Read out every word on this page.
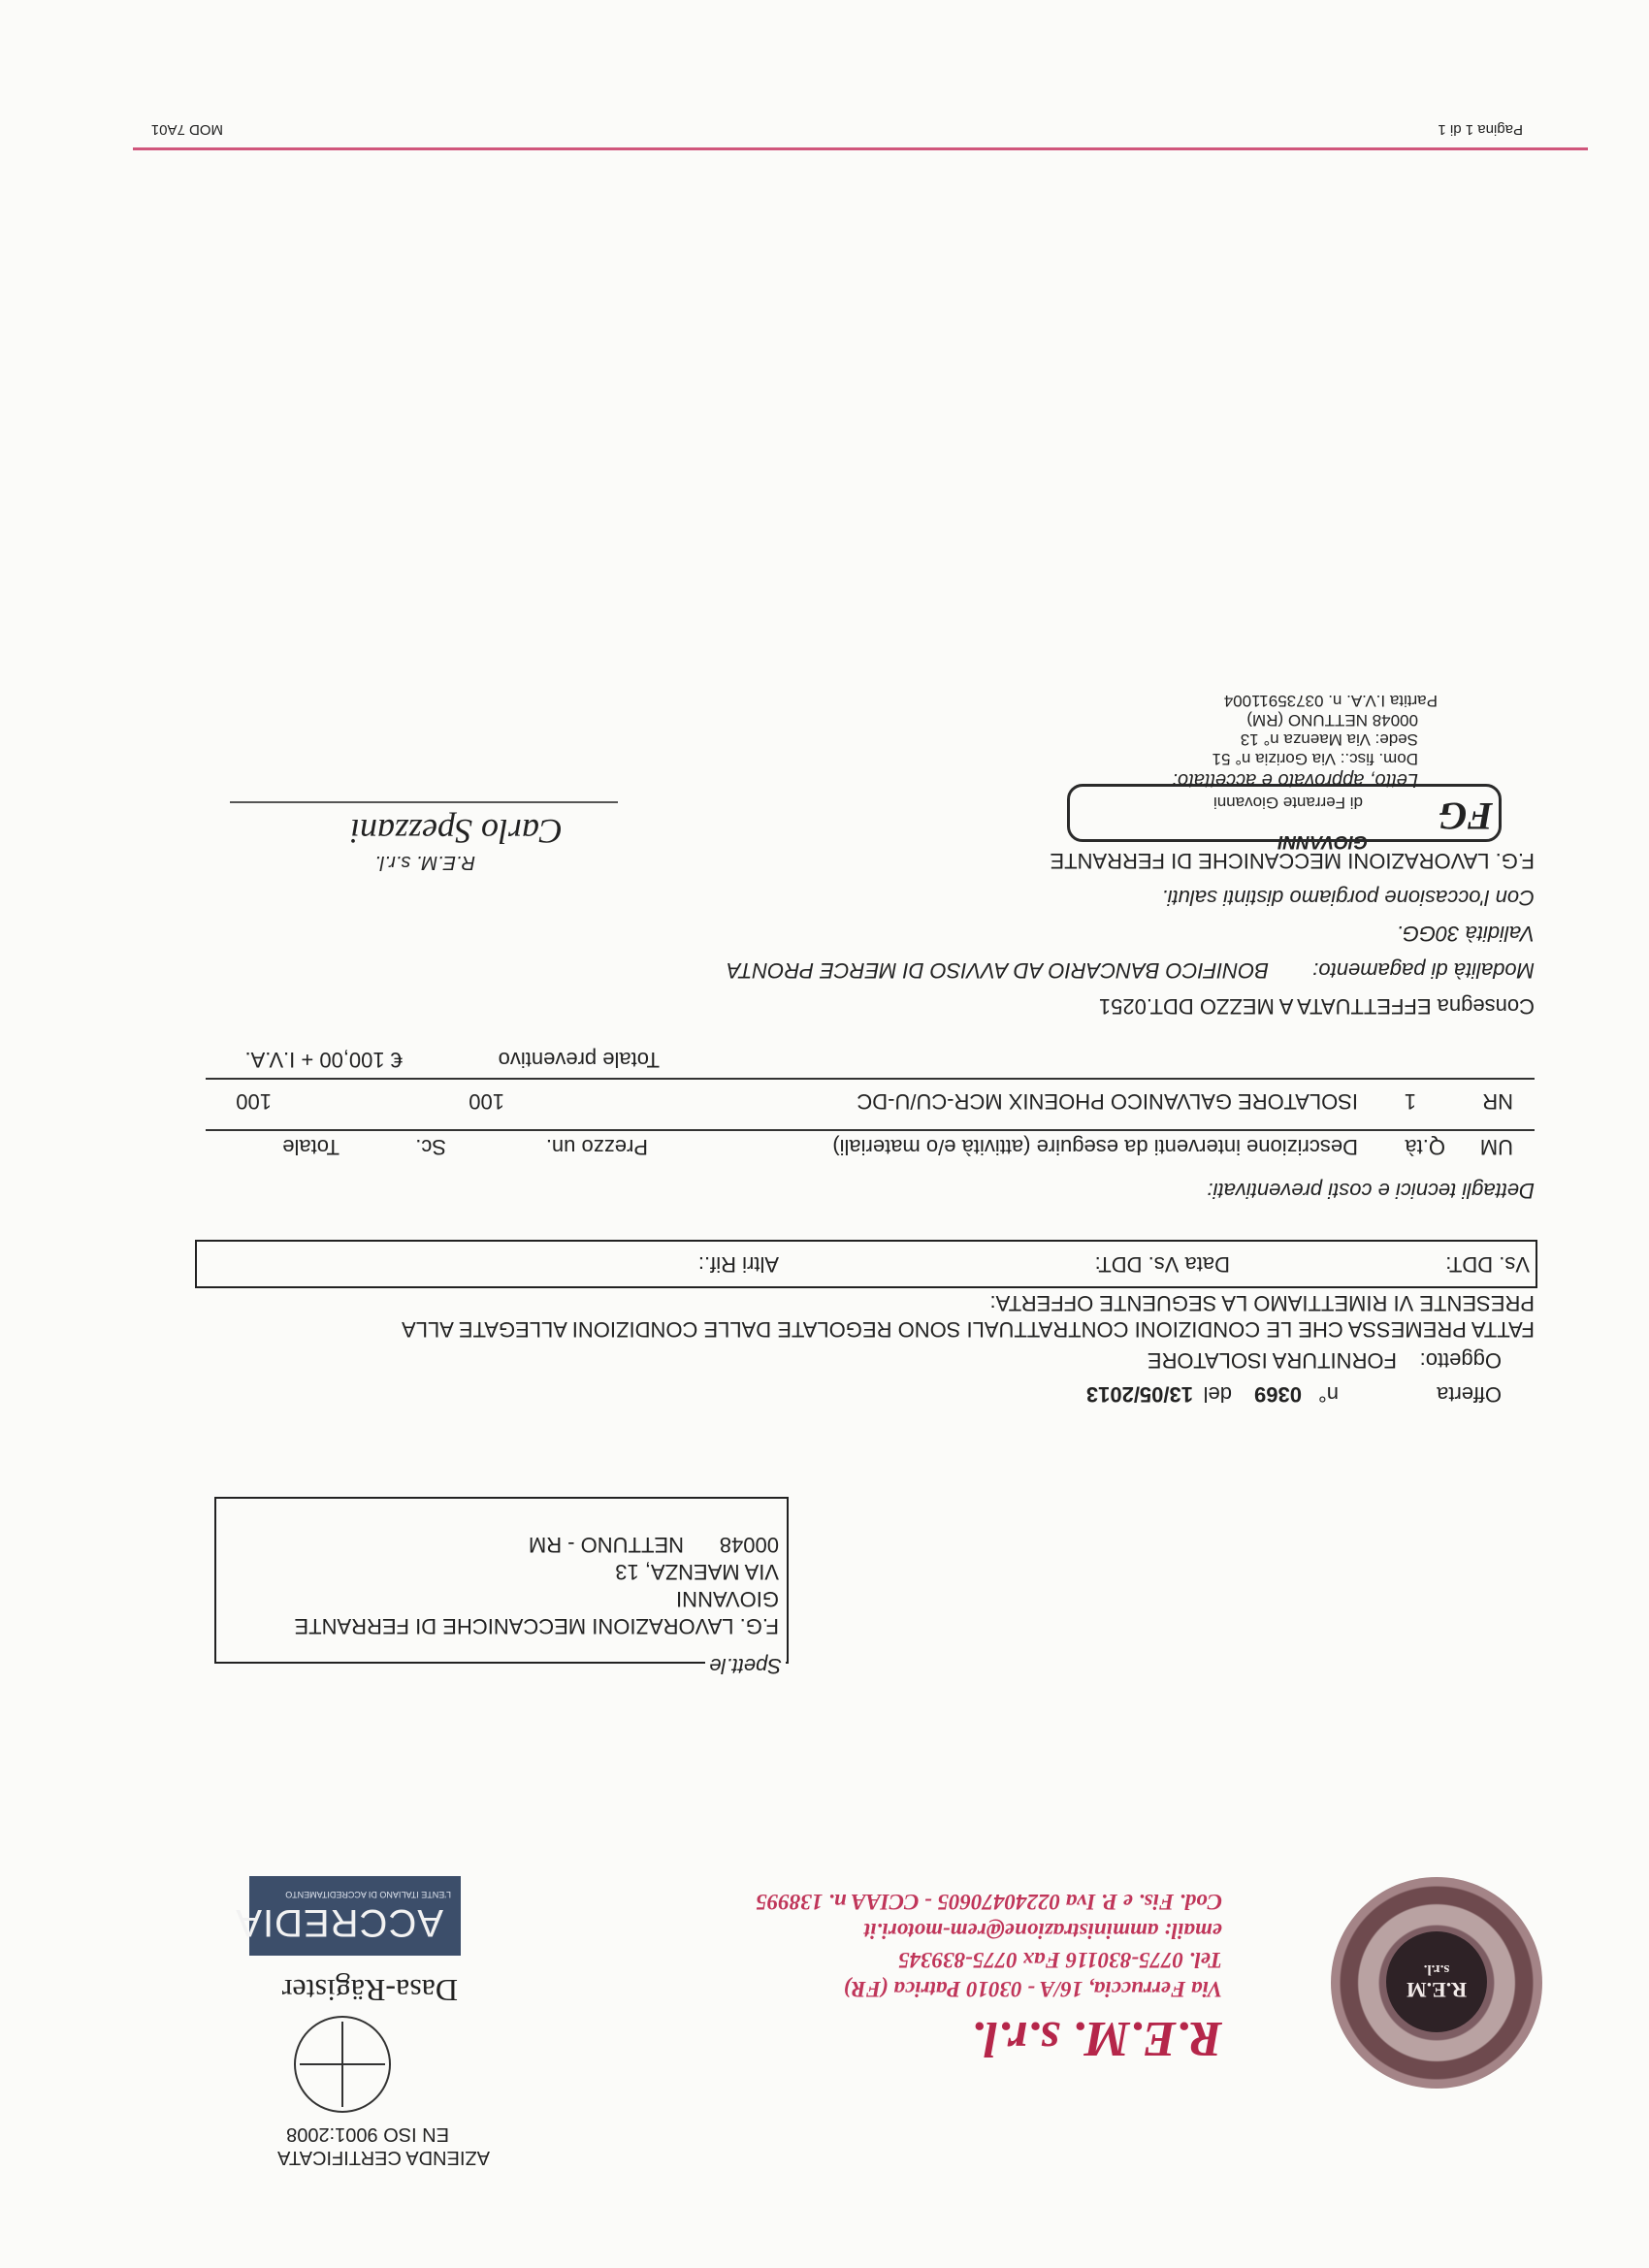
R.E.M
s.r.l.
R.E.M. s.r.l.
Via Ferruccia, 16/A - 03010 Patrica (FR)
Tel. 0775-830116 Fax 0775-839345
email: amministrazione@rem-motori.it
Cod. Fis. e P. Iva 02240470605 - CCIAA n. 138995
AZIENDA CERTIFICATA
EN ISO 9001:2008
Dasa-Rägister
ACCREDIA
L'ENTE ITALIANO DI ACCREDITAMENTO
Spett.le
F.G. LAVORAZIONI MECCANICHE DI FERRANTE
GIOVANNI
VIA MAENZA, 13
00048
NETTUNO - RM
Offerta
n°
0369
del
13/05/2013
Oggetto:
FORNITURA ISOLATORE
FATTA PREMESSA CHE LE CONDIZIONI CONTRATTUALI SONO REGOLATE DALLE CONDIZIONI ALLEGATE ALLA
PRESENTE VI RIMETTIAMO LA SEGUENTE OFFERTA:
Vs. DDT:
Data Vs. DDT:
Altri Rif.:
Dettagli tecnici e costi preventivati:
UM
Q.tà
Descrizione interventi da eseguire (attività e/o materiali)
Prezzo un.
Sc.
Totale
NR
1
ISOLATORE GALVANICO PHOENIX MCR-CU/U-DC
100
100
Totale preventivo
€ 100,00 + I.V.A.
Consegna EFFETTUATA A MEZZO DDT.0251
Modalità di pagamento:
BONIFICO BANCARIO AD AVVISO DI MERCE PRONTA
Validità 30GG.
Con l'occasione porgiamo distinti saluti.
F.G. LAVORAZIONI MECCANICHE DI FERRANTE
GIOVANNI
FG
di Ferrante Giovanni
Letto, approvato e accettato:
Dom. fisc.: Via Gorizia n° 51
Sede: Via Maenza n° 13
00048 NETTUNO (RM)
Partita I.V.A. n. 03735911004
R.E.M. s.r.l.
Carlo Spezzani
Pagina 1 di 1
MOD 7A01
